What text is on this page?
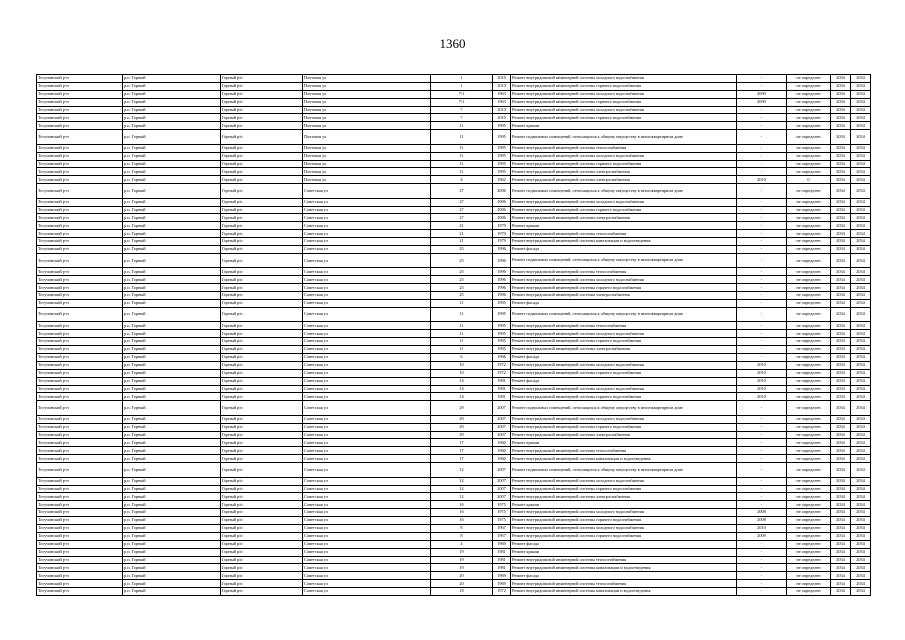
1360
Тогучинский р-н	р.п. Горный	Горный р/п	Почтовая ул	1	2010	Ремонт внутридомовой инженерной системы холодного водоснабжения	-	не определен	2034	2034
Тогучинский р-н	р.п. Горный	Горный р/п	Почтовая ул	1	2010	Ремонт внутридомовой инженерной системы горячего водоснабжения	-	не определен	2034	2034
Тогучинский р-н	р.п. Горный	Горный р/п	Почтовая ул	7/1	1963	Ремонт внутридомовой инженерной системы холодного водоснабжения	2009	не определен	2034	2034
Тогучинский р-н	р.п. Горный	Горный р/п	Почтовая ул	7/1	1963	Ремонт внутридомовой инженерной системы горячего водоснабжения	2009	не определен	2034	2034
Тогучинский р-н	р.п. Горный	Горный р/п	Почтовая ул	7	2010	Ремонт внутридомовой инженерной системы холодного водоснабжения	-	не определен	2034	2034
Тогучинский р-н	р.п. Горный	Горный р/п	Почтовая ул	7	2010	Ремонт внутридомовой инженерной системы горячего водоснабжения	-	не определен	2034	2034
Тогучинский р-н	р.п. Горный	Горный р/п	Почтовая ул	11	1995	Ремонт крыши	-	не определен	2034	2034
Тогучинский р-н	р.п. Горный	Горный р/п	Почтовая ул	11	1995	Ремонт подвальных помещений, относящихся к общему имуществу в многоквартирном доме	-	не определен	2034	2034
Тогучинский р-н	р.п. Горный	Горный р/п	Почтовая ул	11	1995	Ремонт внутридомовой инженерной системы теплоснабжения	-	не определен	2034	2034
Тогучинский р-н	р.п. Горный	Горный р/п	Почтовая ул	11	1995	Ремонт внутридомовой инженерной системы холодного водоснабжения	-	не определен	2034	2034
Тогучинский р-н	р.п. Горный	Горный р/п	Почтовая ул	11	1995	Ремонт внутридомовой инженерной системы горячего водоснабжения	-	не определен	2034	2034
Тогучинский р-н	р.п. Горный	Горный р/п	Почтовая ул	11	1995	Ремонт внутридомовой инженерной системы электроснабжения	-	не определен	2034	2034
Тогучинский р-н	р.п. Горный	Горный р/п	Почтовая ул	4	1962	Ремонт внутридомовой инженерной системы электроснабжения	2010	0	2034	2034
Тогучинский р-н	р.п. Горный	Горный р/п	Советская ул	27	2006	Ремонт подвальных помещений, относящихся к общему имуществу в многоквартирном доме	-	не определен	2034	2034
Тогучинский р-н	р.п. Горный	Горный р/п	Советская ул	27	2006	Ремонт внутридомовой инженерной системы холодного водоснабжения	-	не определен	2034	2034
Тогучинский р-н	р.п. Горный	Горный р/п	Советская ул	27	2006	Ремонт внутридомовой инженерной системы горячего водоснабжения	-	не определен	2034	2034
Тогучинский р-н	р.п. Горный	Горный р/п	Советская ул	27	2006	Ремонт внутридомовой инженерной системы электроснабжения	-	не определен	2034	2034
Тогучинский р-н	р.п. Горный	Горный р/п	Советская ул	21	1979	Ремонт крыши	-	не определен	2034	2034
Тогучинский р-н	р.п. Горный	Горный р/п	Советская ул	21	1979	Ремонт внутридомовой инженерной системы теплоснабжения	-	не определен	2034	2034
Тогучинский р-н	р.п. Горный	Горный р/п	Советская ул	21	1979	Ремонт внутридомовой инженерной системы канализации и водоотведения	-	не определен	2034	2034
Тогучинский р-н	р.п. Горный	Горный р/п	Советская ул	25	1996	Ремонт фасада	-	не определен	2034	2034
Тогучинский р-н	р.п. Горный	Горный р/п	Советская ул	25	1996	Ремонт подвальных помещений, относящихся к общему имуществу в многоквартирном доме	-	не определен	2034	2034
Тогучинский р-н	р.п. Горный	Горный р/п	Советская ул	25	1996	Ремонт внутридомовой инженерной системы теплоснабжения	-	не определен	2034	2034
Тогучинский р-н	р.п. Горный	Горный р/п	Советская ул	25	1996	Ремонт внутридомовой инженерной системы холодного водоснабжения	-	не определен	2034	2034
Тогучинский р-н	р.п. Горный	Горный р/п	Советская ул	25	1996	Ремонт внутридомовой инженерной системы горячего водоснабжения	-	не определен	2034	2034
Тогучинский р-н	р.п. Горный	Горный р/п	Советская ул	25	1996	Ремонт внутридомовой инженерной системы электроснабжения	-	не определен	2034	2034
Тогучинский р-н	р.п. Горный	Горный р/п	Советская ул	11	1995	Ремонт фасада	-	не определен	2034	2034
Тогучинский р-н	р.п. Горный	Горный р/п	Советская ул	11	1995	Ремонт подвальных помещений, относящихся к общему имуществу в многоквартирном доме	-	не определен	2034	2034
Тогучинский р-н	р.п. Горный	Горный р/п	Советская ул	11	1995	Ремонт внутридомовой инженерной системы теплоснабжения	-	не определен	2034	2034
Тогучинский р-н	р.п. Горный	Горный р/п	Советская ул	11	1995	Ремонт внутридомовой инженерной системы холодного водоснабжения	-	не определен	2034	2034
Тогучинский р-н	р.п. Горный	Горный р/п	Советская ул	11	1995	Ремонт внутридомовой инженерной системы горячего водоснабжения	-	не определен	2034	2034
Тогучинский р-н	р.п. Горный	Горный р/п	Советская ул	11	1995	Ремонт внутридомовой инженерной системы электроснабжения	-	не определен	2034	2034
Тогучинский р-н	р.п. Горный	Горный р/п	Советская ул	6	1966	Ремонт фасада	-	не определен	2034	2034
Тогучинский р-н	р.п. Горный	Горный р/п	Советская ул	10	1972	Ремонт внутридомовой инженерной системы холодного водоснабжения	2010	не определен	2034	2034
Тогучинский р-н	р.п. Горный	Горный р/п	Советская ул	10	1972	Ремонт внутридомовой инженерной системы горячего водоснабжения	2010	не определен	2034	2034
Тогучинский р-н	р.п. Горный	Горный р/п	Советская ул	14	1981	Ремонт фасада	2010	не определен	2034	2034
Тогучинский р-н	р.п. Горный	Горный р/п	Советская ул	14	1981	Ремонт внутридомовой инженерной системы холодного водоснабжения	2010	не определен	2034	2034
Тогучинский р-н	р.п. Горный	Горный р/п	Советская ул	14	1981	Ремонт внутридомовой инженерной системы горячего водоснабжения	2010	не определен	2034	2034
Тогучинский р-н	р.п. Горный	Горный р/п	Советская ул	29	2007	Ремонт подвальных помещений, относящихся к общему имуществу в многоквартирном доме	-	не определен	2034	2034
Тогучинский р-н	р.п. Горный	Горный р/п	Советская ул	29	2007	Ремонт внутридомовой инженерной системы холодного водоснабжения	-	не определен	2034	2034
Тогучинский р-н	р.п. Горный	Горный р/п	Советская ул	29	2007	Ремонт внутридомовой инженерной системы горячего водоснабжения	-	не определен	2034	2034
Тогучинский р-н	р.п. Горный	Горный р/п	Советская ул	29	2007	Ремонт внутридомовой инженерной системы электроснабжения	-	не определен	2034	2034
Тогучинский р-н	р.п. Горный	Горный р/п	Советская ул	17	1960	Ремонт крыши	-	не определен	2034	2034
Тогучинский р-н	р.п. Горный	Горный р/п	Советская ул	17	1960	Ремонт внутридомовой инженерной системы теплоснабжения	-	не определен	2034	2034
Тогучинский р-н	р.п. Горный	Горный р/п	Советская ул	17	1960	Ремонт внутридомовой инженерной системы канализации и водоотведения	-	не определен	2034	2034
Тогучинский р-н	р.п. Горный	Горный р/п	Советская ул	12	2007	Ремонт подвальных помещений, относящихся к общему имуществу в многоквартирном доме	-	не определен	2034	2034
Тогучинский р-н	р.п. Горный	Горный р/п	Советская ул	12	2007	Ремонт внутридомовой инженерной системы холодного водоснабжения	-	не определен	2034	2034
Тогучинский р-н	р.п. Горный	Горный р/п	Советская ул	12	2007	Ремонт внутридомовой инженерной системы горячего водоснабжения	-	не определен	2034	2034
Тогучинский р-н	р.п. Горный	Горный р/п	Советская ул	12	2007	Ремонт внутридомовой инженерной системы электроснабжения	-	не определен	2034	2034
Тогучинский р-н	р.п. Горный	Горный р/п	Советская ул	16	1975	Ремонт крыши	-	не определен	2034	2034
Тогучинский р-н	р.п. Горный	Горный р/п	Советская ул	16	1975	Ремонт внутридомовой инженерной системы холодного водоснабжения	2008	не определен	2034	2034
Тогучинский р-н	р.п. Горный	Горный р/п	Советская ул	16	1975	Ремонт внутридомовой инженерной системы горячего водоснабжения	2008	не определен	2034	2034
Тогучинский р-н	р.п. Горный	Горный р/п	Советская ул	8	1967	Ремонт внутридомовой инженерной системы холодного водоснабжения	2010	не определен	2034	2034
Тогучинский р-н	р.п. Горный	Горный р/п	Советская ул	8	1967	Ремонт внутридомовой инженерной системы горячего водоснабжения	2009	не определен	2034	2034
Тогучинский р-н	р.п. Горный	Горный р/п	Советская ул	4	1969	Ремонт фасада	-	не определен	2034	2034
Тогучинский р-н	р.п. Горный	Горный р/п	Советская ул	19	1981	Ремонт крыши	-	не определен	2034	2034
Тогучинский р-н	р.п. Горный	Горный р/п	Советская ул	19	1981	Ремонт внутридомовой инженерной системы теплоснабжения	-	не определен	2034	2034
Тогучинский р-н	р.п. Горный	Горный р/п	Советская ул	19	1981	Ремонт внутридомовой инженерной системы канализации и водоотведения	-	не определен	2034	2034
Тогучинский р-н	р.п. Горный	Горный р/п	Советская ул	20	1969	Ремонт фасада	-	не определен	2034	2034
Тогучинский р-н	р.п. Горный	Горный р/п	Советская ул	20	1969	Ремонт внутридомовой инженерной системы теплоснабжения	-	не определен	2034	2034
Тогучинский р-н	р.п. Горный	Горный р/п	Советская ул	18	1972	Ремонт внутридомовой инженерной системы канализации и водоотведения	-	не определен	2034	2034
